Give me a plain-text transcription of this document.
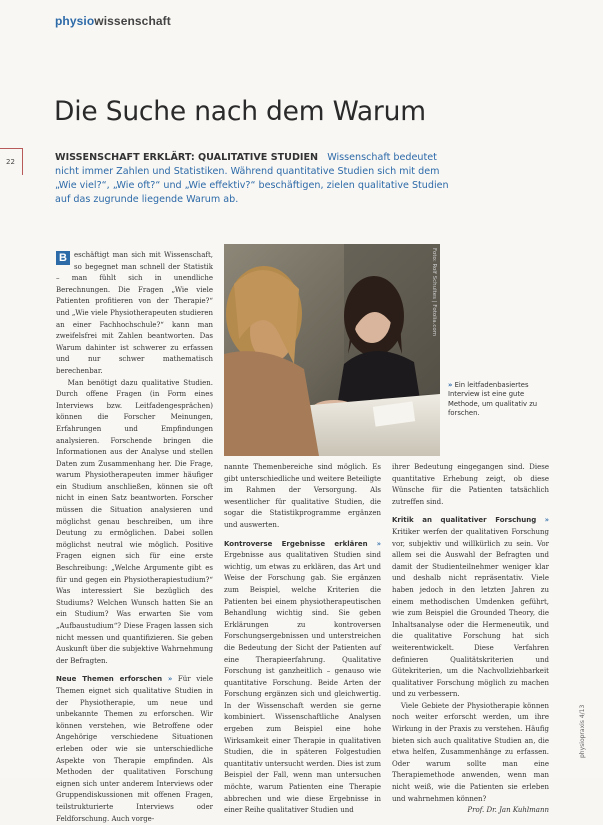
physiowissenschaft
22
Die Suche nach dem Warum
WISSENSCHAFT ERKLÄRT: QUALITATIVE STUDIEN Wissenschaft bedeutet nicht immer Zahlen und Statistiken. Während quantitative Studien sich mit dem „Wie viel?“, „Wie oft?“ und „Wie effektiv?“ beschäftigen, zielen qualitative Studien auf das zugrunde liegende Warum ab.
Foto: Rolf Schultes | Fotolia.com
» Ein leitfadenbasiertes Interview ist eine gute Methode, um qualitativ zu forschen.

B	eschäftigt man sich mit Wissenschaft, so begegnet man schnell der Statistik – man fühlt sich in unendliche Berechnungen. Die Fragen „Wie viele Patienten profitieren von der Therapie?“ und „Wie viele Physiotherapeuten studieren an einer Fachhochschule?“ kann man zweifelsfrei mit Zahlen beantworten. Das Warum dahinter ist schwerer zu erfassen und nur schwer mathematisch berechenbar.

Man benötigt dazu qualitative Studien. Durch offene Fragen (in Form eines Interviews bzw. Leitfadengesprächen) können die Forscher Meinungen, Erfahrungen und Empfindungen analysieren. Forschende bringen die Informationen aus der Analyse und stellen Daten zum Zusammenhang her. Die Frage, warum Physiotherapeuten immer häufiger ein Studium anschließen, können sie oft nicht in einen Satz beantworten. Forscher müssen die Situation analysieren und möglichst genau beschreiben, um ihre Deutung zu ermöglichen. Dabei sollen möglichst neutral wie möglich. Positive Fragen eignen sich für eine erste Beschreibung: „Welche Argumente gibt es für und gegen ein Physiotherapiestudium?“ Was interessiert Sie bezüglich des Studiums? Welchen Wunsch hatten Sie an ein Studium? Was erwarten Sie vom „Aufbaustudium“? Diese Fragen lassen sich nicht messen und quantifizieren. Sie geben Auskunft über die subjektive Wahrnehmung der Befragten.

Neue Themen erforschen » Für viele Themen eignet sich qualitative Studien in der Physiotherapie, um neue und unbekannte Themen zu erforschen. Wir können verstehen, wie Betroffene oder Angehörige verschiedene Situationen erleben oder wie sie unterschiedliche Aspekte von Therapie empfinden. Als Methoden der qualitativen Forschung eignen sich unter anderem Interviews oder Gruppendiskussionen mit offenen Fragen, teilstrukturierte Interviews oder Feldforschung. Auch vorge-

nannte Themenbereiche sind möglich. Es gibt unterschiedliche und weitere Beteiligte im Rahmen der Versorgung. Als wesentlicher für qualitative Studien, die sogar die Statistikprogramme ergänzen und auswerten.

Kontroverse Ergebnisse erklären » Ergebnisse aus qualitativen Studien sind wichtig, um etwas zu erklären, das Art und Weise der Forschung gab. Sie ergänzen zum Beispiel, welche Kriterien die Patienten bei einem physiotherapeutischen Behandlung wichtig sind. Sie geben Erklärungen zu kontroversen Forschungsergebnissen und unterstreichen die Bedeutung der Sicht der Patienten auf eine Therapieerfahrung. Qualitative Forschung ist ganzheitlich – genauso wie quantitative Forschung. Beide Arten der Forschung ergänzen sich und gleichwertig. In der Wissenschaft werden sie gerne kombiniert. Wissenschaftliche Analysen ergeben zum Beispiel eine hohe Wirksamkeit einer Therapie in qualitativen Studien, die in späteren Folgestudien quantitativ untersucht werden. Dies ist zum Beispiel der Fall, wenn man untersuchen möchte, warum Patienten eine Therapie abbrechen und wie diese Ergebnisse in einer Reihe qualitativer Studien und

ihrer Bedeutung eingegangen sind. Diese quantitative Erhebung zeigt, ob diese Wünsche für die Patienten tatsächlich zutreffen sind.

Kritik an qualitativer Forschung » Kritiker werfen der qualitativen Forschung vor, subjektiv und willkürlich zu sein. Vor allem sei die Auswahl der Befragten und damit der Studienteilnehmer weniger klar und deshalb nicht repräsentativ. Viele haben jedoch in den letzten Jahren zu einem methodischen Umdenken geführt, wie zum Beispiel die Grounded Theory, die Inhaltsanalyse oder die Hermeneutik, und die qualitative Forschung hat sich weiterentwickelt. Diese Verfahren definieren Qualitätskriterien und Gütekriterien, um die Nachvollziehbarkeit qualitativer Forschung möglich zu machen und zu verbessern.

Viele Gebiete der Physiotherapie können noch weiter erforscht werden, um ihre Wirkung in der Praxis zu verstehen. Häufig bieten sich auch qualitative Studien an, die etwa helfen, Zusammenhänge zu erfassen. Oder warum sollte man eine Therapiemethode anwenden, wenn man nicht weiß, wie die Patienten sie erleben und wahrnehmen können?

Prof. Dr. Jan Kuhlmann

physiopraxis 4/13
